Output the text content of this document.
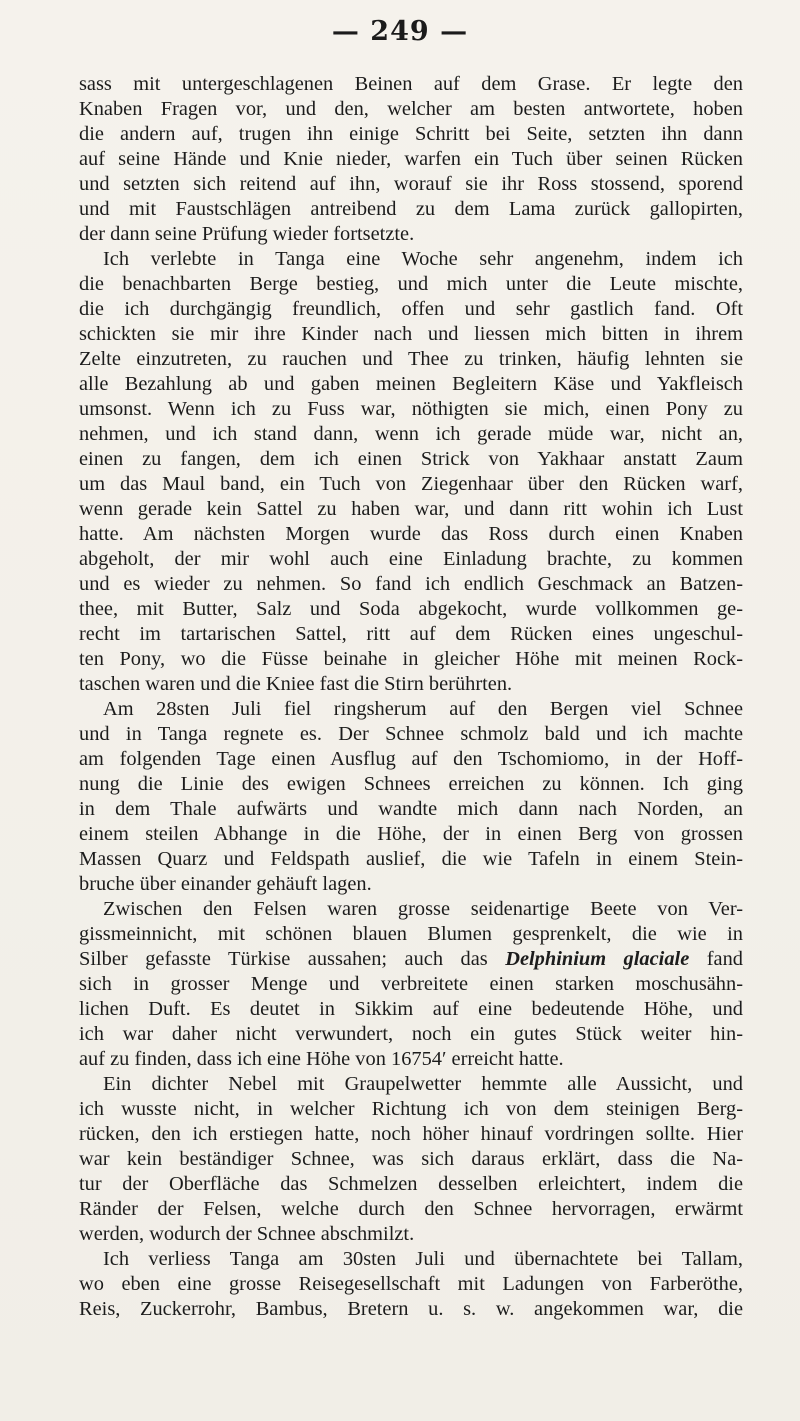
— 249 —
sass mit untergeschlagenen Beinen auf dem Grase. Er legte den
Knaben Fragen vor, und den, welcher am besten antwortete, hoben
die andern auf, trugen ihn einige Schritt bei Seite, setzten ihn dann
auf seine Hände und Knie nieder, warfen ein Tuch über seinen Rücken
und setzten sich reitend auf ihn, worauf sie ihr Ross stossend, sporend
und mit Faustschlägen antreibend zu dem Lama zurück gallopirten,
der dann seine Prüfung wieder fortsetzte.
Ich verlebte in Tanga eine Woche sehr angenehm, indem ich
die benachbarten Berge bestieg, und mich unter die Leute mischte,
die ich durchgängig freundlich, offen und sehr gastlich fand. Oft
schickten sie mir ihre Kinder nach und liessen mich bitten in ihrem
Zelte einzutreten, zu rauchen und Thee zu trinken, häufig lehnten sie
alle Bezahlung ab und gaben meinen Begleitern Käse und Yakfleisch
umsonst. Wenn ich zu Fuss war, nöthigten sie mich, einen Pony zu
nehmen, und ich stand dann, wenn ich gerade müde war, nicht an,
einen zu fangen, dem ich einen Strick von Yakhaar anstatt Zaum
um das Maul band, ein Tuch von Ziegenhaar über den Rücken warf,
wenn gerade kein Sattel zu haben war, und dann ritt wohin ich Lust
hatte. Am nächsten Morgen wurde das Ross durch einen Knaben
abgeholt, der mir wohl auch eine Einladung brachte, zu kommen
und es wieder zu nehmen. So fand ich endlich Geschmack an Batzen-
thee, mit Butter, Salz und Soda abgekocht, wurde vollkommen ge-
recht im tartarischen Sattel, ritt auf dem Rücken eines ungeschul-
ten Pony, wo die Füsse beinahe in gleicher Höhe mit meinen Rock-
taschen waren und die Kniee fast die Stirn berührten.
Am 28sten Juli fiel ringsherum auf den Bergen viel Schnee
und in Tanga regnete es. Der Schnee schmolz bald und ich machte
am folgenden Tage einen Ausflug auf den Tschomiomo, in der Hoff-
nung die Linie des ewigen Schnees erreichen zu können. Ich ging
in dem Thale aufwärts und wandte mich dann nach Norden, an
einem steilen Abhange in die Höhe, der in einen Berg von grossen
Massen Quarz und Feldspath auslief, die wie Tafeln in einem Stein-
bruche über einander gehäuft lagen.
Zwischen den Felsen waren grosse seidenartige Beete von Ver-
gissmeinnicht, mit schönen blauen Blumen gesprenkelt, die wie in
Silber gefasste Türkise aussahen; auch das Delphinium glaciale fand
sich in grosser Menge und verbreitete einen starken moschusähn-
lichen Duft. Es deutet in Sikkim auf eine bedeutende Höhe, und
ich war daher nicht verwundert, noch ein gutes Stück weiter hin-
auf zu finden, dass ich eine Höhe von 16754′ erreicht hatte.
Ein dichter Nebel mit Graupelwetter hemmte alle Aussicht, und
ich wusste nicht, in welcher Richtung ich von dem steinigen Berg-
rücken, den ich erstiegen hatte, noch höher hinauf vordringen sollte. Hier
war kein beständiger Schnee, was sich daraus erklärt, dass die Na-
tur der Oberfläche das Schmelzen desselben erleichtert, indem die
Ränder der Felsen, welche durch den Schnee hervorragen, erwärmt
werden, wodurch der Schnee abschmilzt.
Ich verliess Tanga am 30sten Juli und übernachtete bei Tallam,
wo eben eine grosse Reisegesellschaft mit Ladungen von Farberöthe,
Reis, Zuckerrohr, Bambus, Bretern u. s. w. angekommen war, die
